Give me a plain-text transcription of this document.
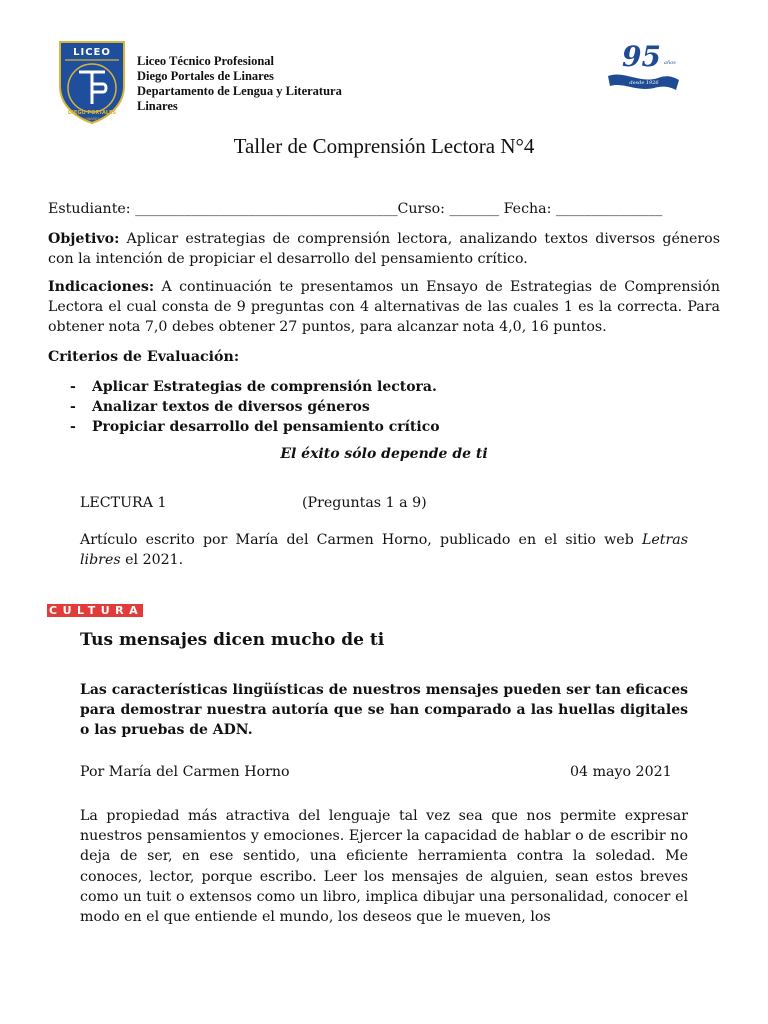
LICEO
DIEGO PORTALES
LINARES
Liceo Técnico Profesional
Diego Portales de Linares
Departamento de Lengua y Literatura
Linares
95 años
desde 1926
Taller de Comprensión Lectora N°4
Estudiante: _____________________________________Curso: _______ Fecha: _______________
Objetivo: Aplicar estrategias de comprensión lectora, analizando textos diversos géneros con la intención de propiciar el desarrollo del pensamiento crítico.
Indicaciones: A continuación te presentamos un Ensayo de Estrategias de Comprensión Lectora el cual consta de 9 preguntas con 4 alternativas de las cuales 1 es la correcta. Para obtener nota 7,0 debes obtener 27 puntos, para alcanzar nota 4,0, 16 puntos.
Criterios de Evaluación:
- Aplicar Estrategias de comprensión lectora.
- Analizar textos de diversos géneros
- Propiciar desarrollo del pensamiento crítico
El éxito sólo depende de ti
LECTURA 1	(Preguntas 1 a 9)
Artículo escrito por María del Carmen Horno, publicado en el sitio web Letras libres el 2021.
CULTURA
Tus mensajes dicen mucho de ti
Las características lingüísticas de nuestros mensajes pueden ser tan eficaces para demostrar nuestra autoría que se han comparado a las huellas digitales o las pruebas de ADN.
Por María del Carmen Horno	04 mayo 2021
La propiedad más atractiva del lenguaje tal vez sea que nos permite expresar nuestros pensamientos y emociones. Ejercer la capacidad de hablar o de escribir no deja de ser, en ese sentido, una eficiente herramienta contra la soledad. Me conoces, lector, porque escribo. Leer los mensajes de alguien, sean estos breves como un tuit o extensos como un libro, implica dibujar una personalidad, conocer el modo en el que entiende el mundo, los deseos que le mueven, los
